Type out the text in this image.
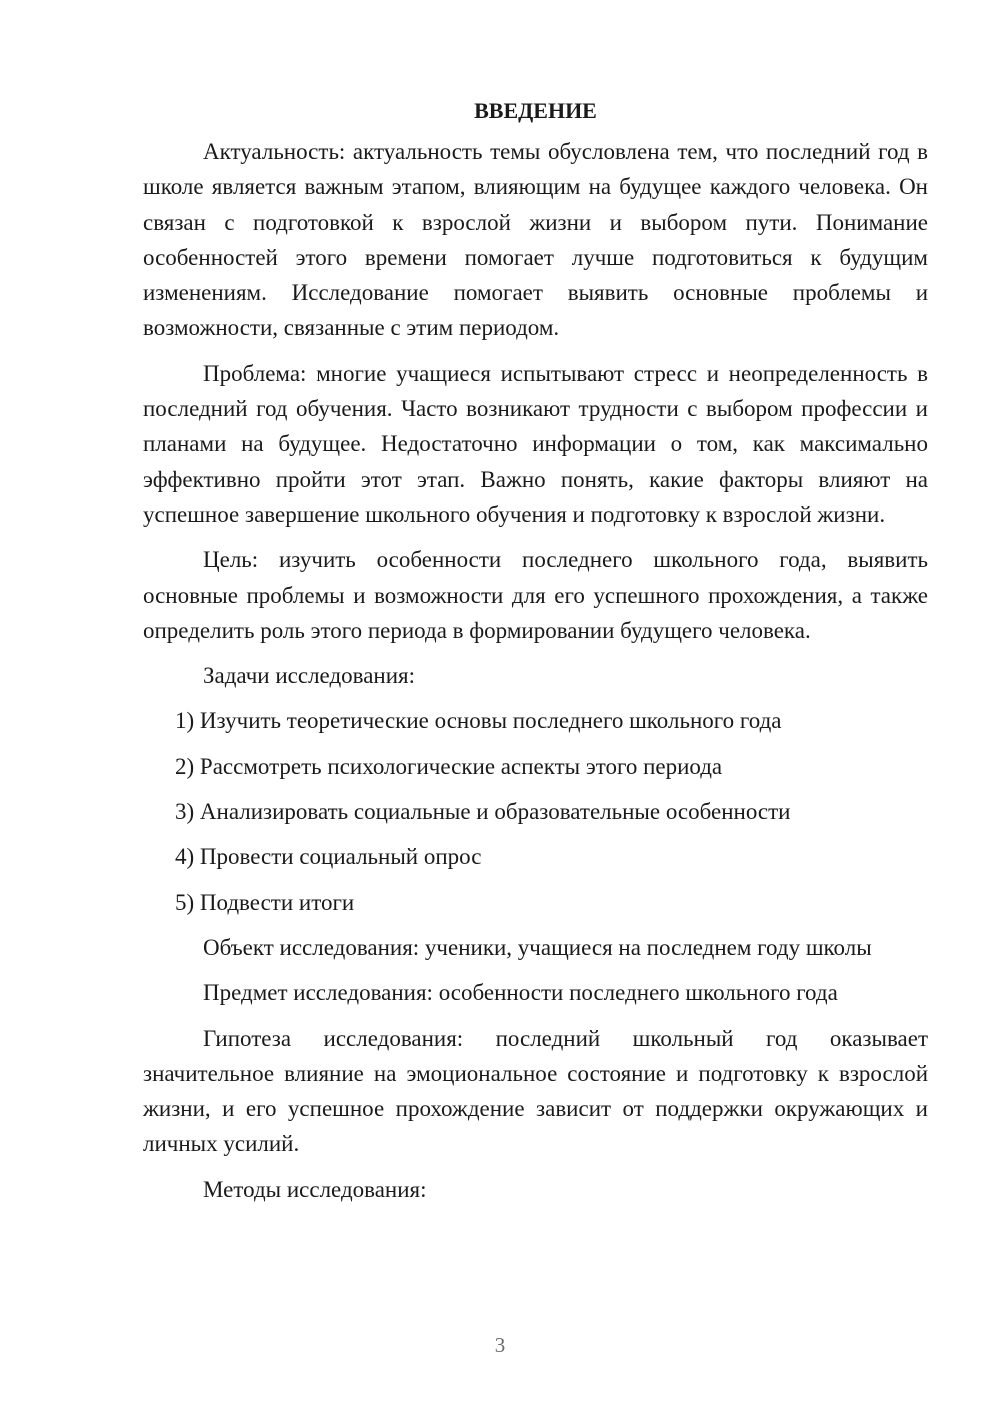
ВВЕДЕНИЕ

Актуальность: актуальность темы обусловлена тем, что последний год в школе является важным этапом, влияющим на будущее каждого человека. Он связан с подготовкой к взрослой жизни и выбором пути. Понимание особенностей этого времени помогает лучше подготовиться к будущим изменениям. Исследование помогает выявить основные проблемы и возможности, связанные с этим периодом.

Проблема: многие учащиеся испытывают стресс и неопределенность в последний год обучения. Часто возникают трудности с выбором профессии и планами на будущее. Недостаточно информации о том, как максимально эффективно пройти этот этап. Важно понять, какие факторы влияют на успешное завершение школьного обучения и подготовку к взрослой жизни.

Цель: изучить особенности последнего школьного года, выявить основные проблемы и возможности для его успешного прохождения, а также определить роль этого периода в формировании будущего человека.

Задачи исследования:

1) Изучить теоретические основы последнего школьного года

2) Рассмотреть психологические аспекты этого периода

3) Анализировать социальные и образовательные особенности

4) Провести социальный опрос

5) Подвести итоги

Объект исследования: ученики, учащиеся на последнем году школы

Предмет исследования: особенности последнего школьного года

Гипотеза исследования: последний школьный год оказывает значительное влияние на эмоциональное состояние и подготовку к взрослой жизни, и его успешное прохождение зависит от поддержки окружающих и личных усилий.

Методы исследования:

3
